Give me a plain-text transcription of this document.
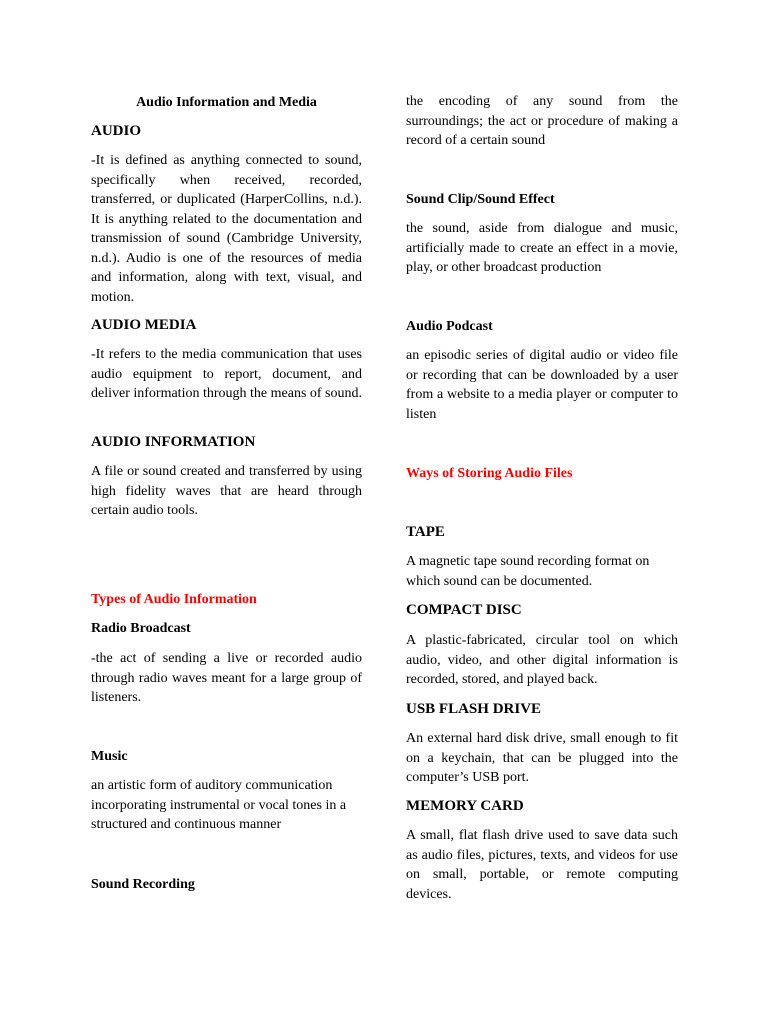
Audio Information and Media

AUDIO

-It is defined as anything connected to sound, specifically when received, recorded, transferred, or duplicated (HarperCollins, n.d.). It is anything related to the documentation and transmission of sound (Cambridge University, n.d.). Audio is one of the resources of media and information, along with text, visual, and motion.

AUDIO MEDIA

-It refers to the media communication that uses audio equipment to report, document, and deliver information through the means of sound.

AUDIO INFORMATION

A file or sound created and transferred by using high fidelity waves that are heard through certain audio tools.

Types of Audio Information

Radio Broadcast

-the act of sending a live or recorded audio through radio waves meant for a large group of listeners.

Music

an artistic form of auditory communication incorporating instrumental or vocal tones in a structured and continuous manner

Sound Recording

the encoding of any sound from the surroundings; the act or procedure of making a record of a certain sound

Sound Clip/Sound Effect

the sound, aside from dialogue and music, artificially made to create an effect in a movie, play, or other broadcast production

Audio Podcast

an episodic series of digital audio or video file or recording that can be downloaded by a user from a website to a media player or computer to listen

Ways of Storing Audio Files

TAPE

A magnetic tape sound recording format on which sound can be documented.

COMPACT DISC

A plastic-fabricated, circular tool on which audio, video, and other digital information is recorded, stored, and played back.

USB FLASH DRIVE

An external hard disk drive, small enough to fit on a keychain, that can be plugged into the computer’s USB port.

MEMORY CARD

A small, flat flash drive used to save data such as audio files, pictures, texts, and videos for use on small, portable, or remote computing devices.
